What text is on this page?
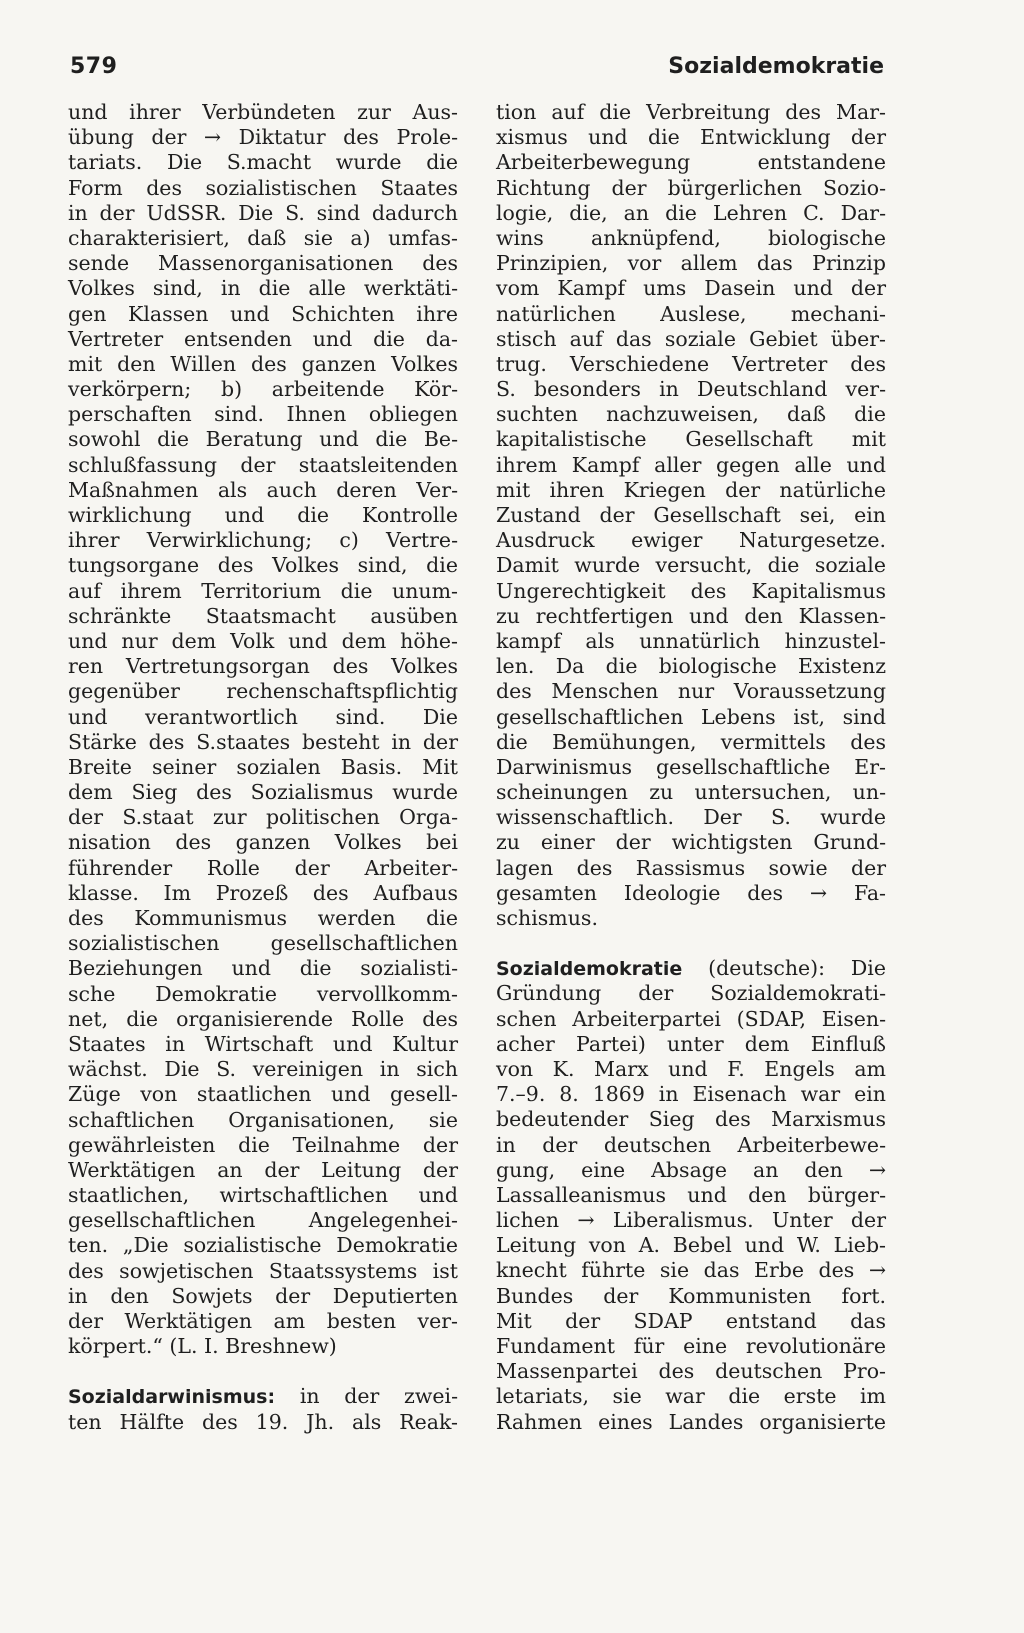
579	Sozialdemokratie
und ihrer Verbündeten zur Aus-
übung der → Diktatur des Prole-
tariats. Die S.macht wurde die
Form des sozialistischen Staates
in der UdSSR. Die S. sind dadurch
charakterisiert, daß sie a) umfas-
sende Massenorganisationen des
Volkes sind, in die alle werktäti-
gen Klassen und Schichten ihre
Vertreter entsenden und die da-
mit den Willen des ganzen Volkes
verkörpern; b) arbeitende Kör-
perschaften sind. Ihnen obliegen
sowohl die Beratung und die Be-
schlußfassung der staatsleitenden
Maßnahmen als auch deren Ver-
wirklichung und die Kontrolle
ihrer Verwirklichung; c) Vertre-
tungsorgane des Volkes sind, die
auf ihrem Territorium die unum-
schränkte Staatsmacht ausüben
und nur dem Volk und dem höhe-
ren Vertretungsorgan des Volkes
gegenüber rechenschaftspflichtig
und verantwortlich sind. Die
Stärke des S.staates besteht in der
Breite seiner sozialen Basis. Mit
dem Sieg des Sozialismus wurde
der S.staat zur politischen Orga-
nisation des ganzen Volkes bei
führender Rolle der Arbeiter-
klasse. Im Prozeß des Aufbaus
des Kommunismus werden die
sozialistischen gesellschaftlichen
Beziehungen und die sozialisti-
sche Demokratie vervollkomm-
net, die organisierende Rolle des
Staates in Wirtschaft und Kultur
wächst. Die S. vereinigen in sich
Züge von staatlichen und gesell-
schaftlichen Organisationen, sie
gewährleisten die Teilnahme der
Werktätigen an der Leitung der
staatlichen, wirtschaftlichen und
gesellschaftlichen Angelegenhei-
ten. „Die sozialistische Demokratie
des sowjetischen Staatssystems ist
in den Sowjets der Deputierten
der Werktätigen am besten ver-
körpert.“ (L. I. Breshnew)
Sozialdarwinismus: in der zwei-
ten Hälfte des 19. Jh. als Reak-
tion auf die Verbreitung des Mar-
xismus und die Entwicklung der
Arbeiterbewegung entstandene
Richtung der bürgerlichen Sozio-
logie, die, an die Lehren C. Dar-
wins anknüpfend, biologische
Prinzipien, vor allem das Prinzip
vom Kampf ums Dasein und der
natürlichen Auslese, mechani-
stisch auf das soziale Gebiet über-
trug. Verschiedene Vertreter des
S. besonders in Deutschland ver-
suchten nachzuweisen, daß die
kapitalistische Gesellschaft mit
ihrem Kampf aller gegen alle und
mit ihren Kriegen der natürliche
Zustand der Gesellschaft sei, ein
Ausdruck ewiger Naturgesetze.
Damit wurde versucht, die soziale
Ungerechtigkeit des Kapitalismus
zu rechtfertigen und den Klassen-
kampf als unnatürlich hinzustel-
len. Da die biologische Existenz
des Menschen nur Voraussetzung
gesellschaftlichen Lebens ist, sind
die Bemühungen, vermittels des
Darwinismus gesellschaftliche Er-
scheinungen zu untersuchen, un-
wissenschaftlich. Der S. wurde
zu einer der wichtigsten Grund-
lagen des Rassismus sowie der
gesamten Ideologie des → Fa-
schismus.
Sozialdemokratie (deutsche): Die
Gründung der Sozialdemokrati-
schen Arbeiterpartei (SDAP, Eisen-
acher Partei) unter dem Einfluß
von K. Marx und F. Engels am
7.–9. 8. 1869 in Eisenach war ein
bedeutender Sieg des Marxismus
in der deutschen Arbeiterbewe-
gung, eine Absage an den →
Lassalleanismus und den bürger-
lichen → Liberalismus. Unter der
Leitung von A. Bebel und W. Lieb-
knecht führte sie das Erbe des →
Bundes der Kommunisten fort.
Mit der SDAP entstand das
Fundament für eine revolutionäre
Massenpartei des deutschen Pro-
letariats, sie war die erste im
Rahmen eines Landes organisierte
